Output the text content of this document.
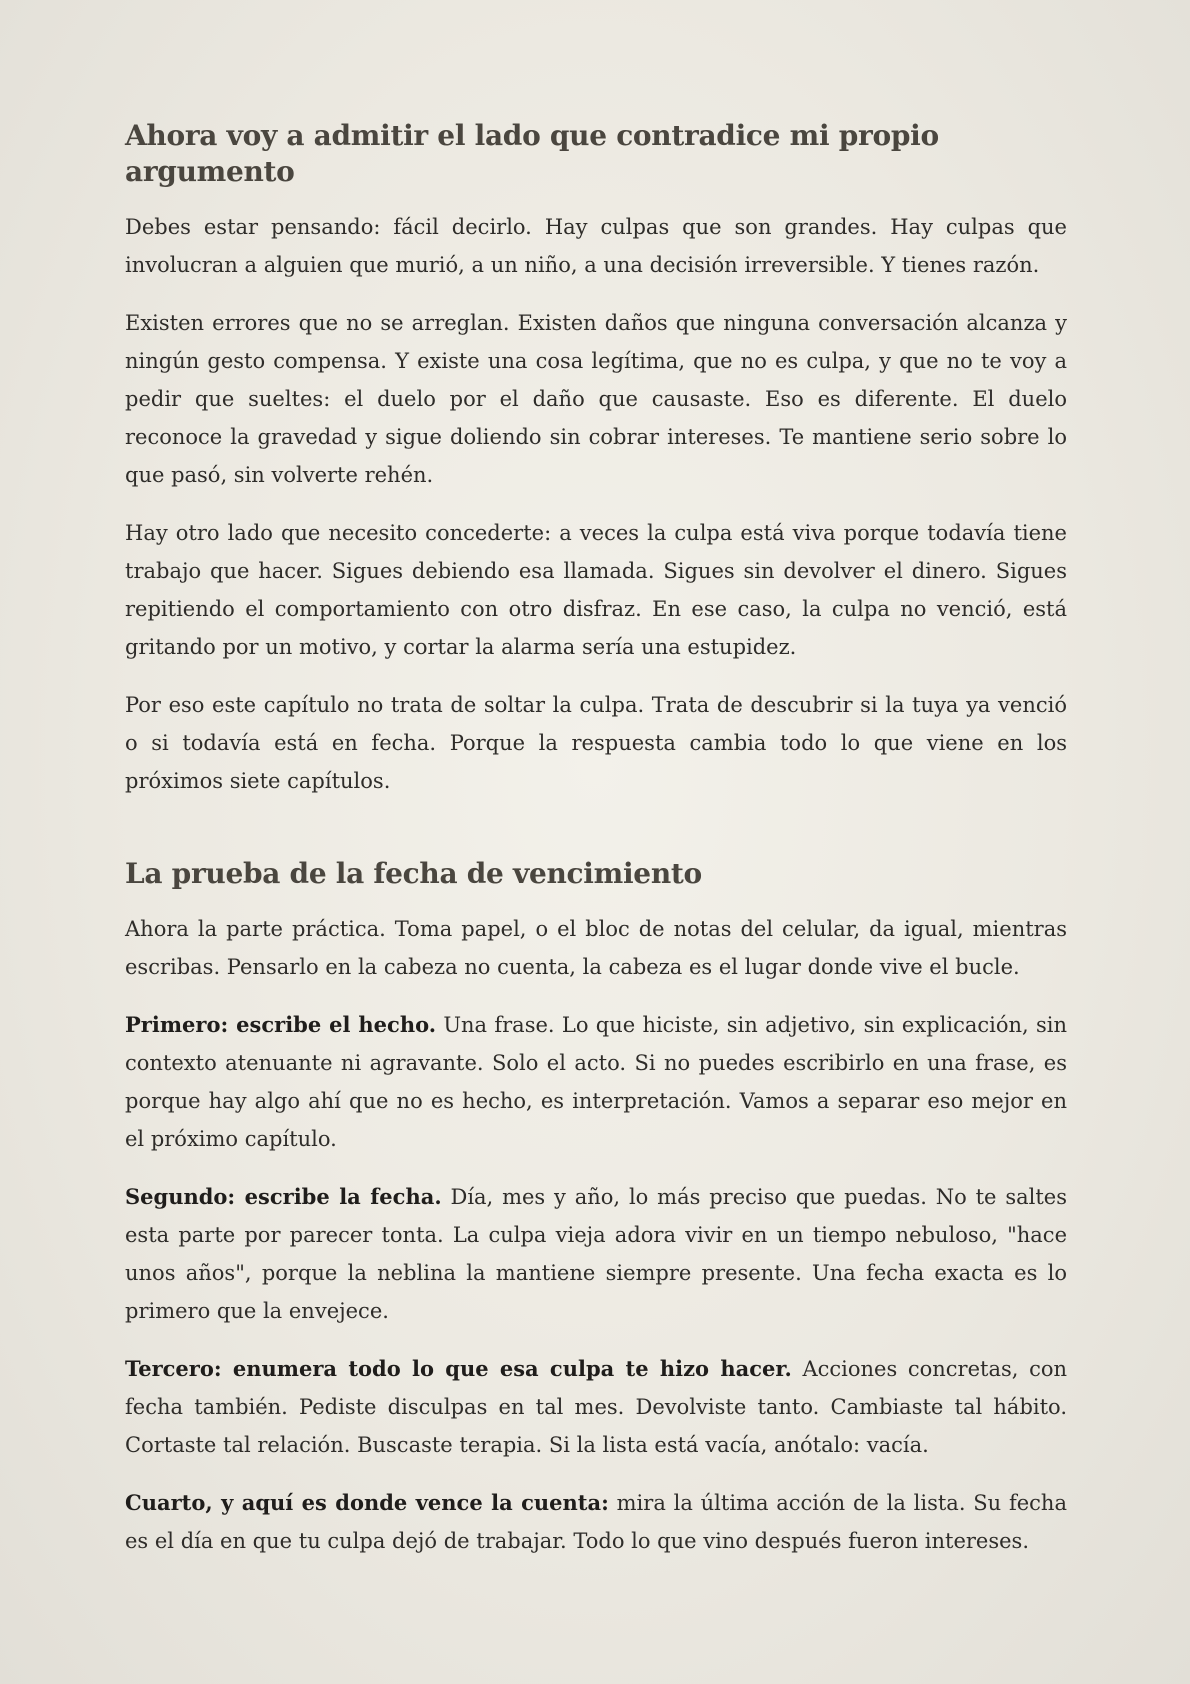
Ahora voy a admitir el lado que contradice mi propio argumento

Debes estar pensando: fácil decirlo. Hay culpas que son grandes. Hay culpas que involucran a alguien que murió, a un niño, a una decisión irreversible. Y tienes razón.

Existen errores que no se arreglan. Existen daños que ninguna conversación alcanza y ningún gesto compensa. Y existe una cosa legítima, que no es culpa, y que no te voy a pedir que sueltes: el duelo por el daño que causaste. Eso es diferente. El duelo reconoce la gravedad y sigue doliendo sin cobrar intereses. Te mantiene serio sobre lo que pasó, sin volverte rehén.

Hay otro lado que necesito concederte: a veces la culpa está viva porque todavía tiene trabajo que hacer. Sigues debiendo esa llamada. Sigues sin devolver el dinero. Sigues repitiendo el comportamiento con otro disfraz. En ese caso, la culpa no venció, está gritando por un motivo, y cortar la alarma sería una estupidez.

Por eso este capítulo no trata de soltar la culpa. Trata de descubrir si la tuya ya venció o si todavía está en fecha. Porque la respuesta cambia todo lo que viene en los próximos siete capítulos.

La prueba de la fecha de vencimiento

Ahora la parte práctica. Toma papel, o el bloc de notas del celular, da igual, mientras escribas. Pensarlo en la cabeza no cuenta, la cabeza es el lugar donde vive el bucle.

Primero: escribe el hecho. Una frase. Lo que hiciste, sin adjetivo, sin explicación, sin contexto atenuante ni agravante. Solo el acto. Si no puedes escribirlo en una frase, es porque hay algo ahí que no es hecho, es interpretación. Vamos a separar eso mejor en el próximo capítulo.

Segundo: escribe la fecha. Día, mes y año, lo más preciso que puedas. No te saltes esta parte por parecer tonta. La culpa vieja adora vivir en un tiempo nebuloso, "hace unos años", porque la neblina la mantiene siempre presente. Una fecha exacta es lo primero que la envejece.

Tercero: enumera todo lo que esa culpa te hizo hacer. Acciones concretas, con fecha también. Pediste disculpas en tal mes. Devolviste tanto. Cambiaste tal hábito. Cortaste tal relación. Buscaste terapia. Si la lista está vacía, anótalo: vacía.

Cuarto, y aquí es donde vence la cuenta: mira la última acción de la lista. Su fecha es el día en que tu culpa dejó de trabajar. Todo lo que vino después fueron intereses.
